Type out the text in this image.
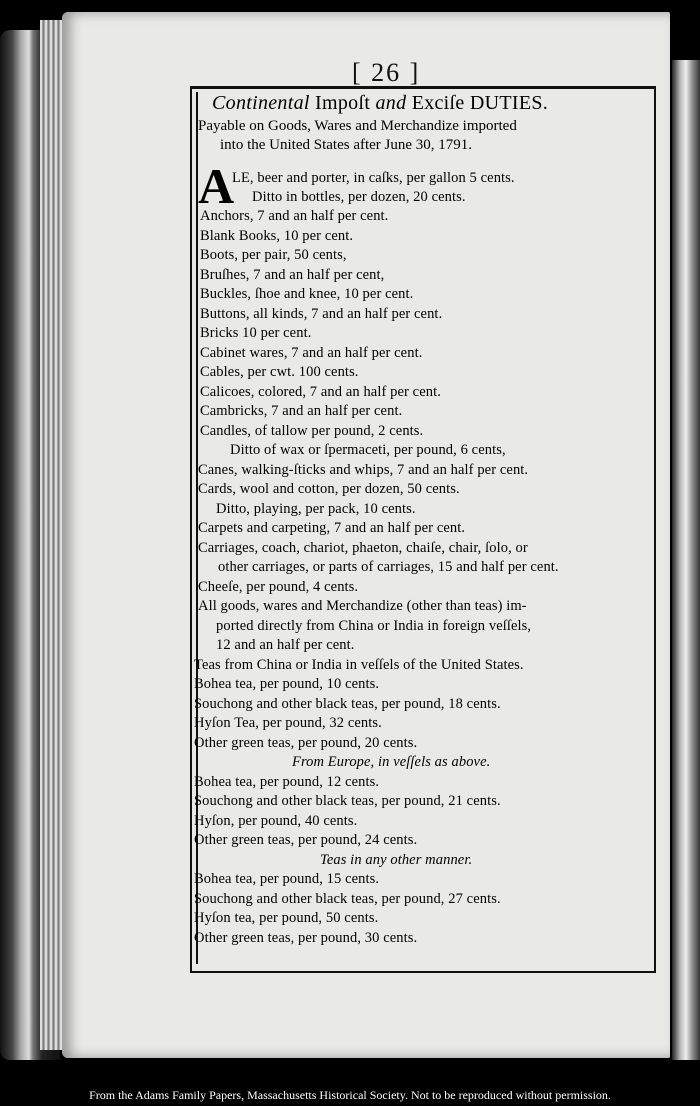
[ 26 ]
Continental Impoſt and Exciſe DUTIES.
Payable on Goods, Wares and Merchandize imported
into the United States after June 30, 1791.
A
LE, beer and porter, in caſks, per gallon 5 cents.
Ditto in bottles, per dozen, 20 cents.
Anchors, 7 and an half per cent.
Blank Books, 10 per cent.
Boots, per pair, 50 cents,
Bruſhes, 7 and an half per cent,
Buckles, ſhoe and knee, 10 per cent.
Buttons, all kinds, 7 and an half per cent.
Bricks 10 per cent.
Cabinet wares, 7 and an half per cent.
Cables, per cwt. 100 cents.
Calicoes, colored, 7 and an half per cent.
Cambricks, 7 and an half per cent.
Candles, of tallow per pound, 2 cents.
Ditto of wax or ſpermaceti, per pound, 6 cents,
Canes, walking-ſticks and whips, 7 and an half per cent.
Cards, wool and cotton, per dozen, 50 cents.
Ditto, playing, per pack, 10 cents.
Carpets and carpeting, 7 and an half per cent.
Carriages, coach, chariot, phaeton, chaiſe, chair, ſolo, or
other carriages, or parts of carriages, 15 and half per cent.
Cheeſe, per pound, 4 cents.
All goods, wares and Merchandize (other than teas) im-
ported directly from China or India in foreign veſſels,
12 and an half per cent.
Teas from China or India in veſſels of the United States.
Bohea tea, per pound, 10 cents.
Souchong and other black teas, per pound, 18 cents.
Hyſon Tea, per pound, 32 cents.
Other green teas, per pound, 20 cents.
From Europe, in veſſels as above.
Bohea tea, per pound, 12 cents.
Souchong and other black teas, per pound, 21 cents.
Hyſon, per pound, 40 cents.
Other green teas, per pound, 24 cents.
Teas in any other manner.
Bohea tea, per pound, 15 cents.
Souchong and other black teas, per pound, 27 cents.
Hyſon tea, per pound, 50 cents.
Other green teas, per pound, 30 cents.
From the Adams Family Papers, Massachusetts Historical Society. Not to be reproduced without permission.
